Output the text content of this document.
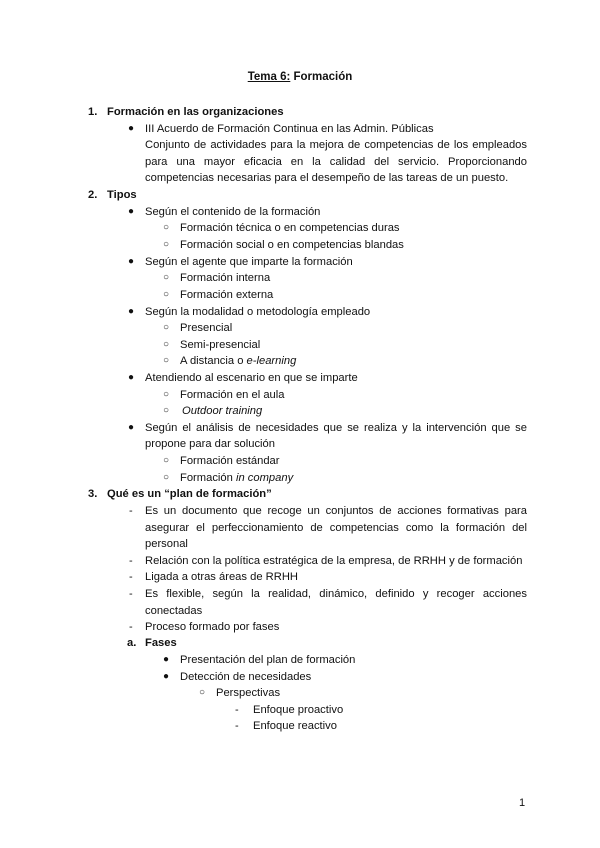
Tema 6: Formación
1. Formación en las organizaciones
● III Acuerdo de Formación Continua en las Admin. Públicas
Conjunto de actividades para la mejora de competencias de los empleados para una mayor eficacia en la calidad del servicio. Proporcionando competencias necesarias para el desempeño de las tareas de un puesto.
2. Tipos
● Según el contenido de la formación
○ Formación técnica o en competencias duras
○ Formación social o en competencias blandas
● Según el agente que imparte la formación
○ Formación interna
○ Formación externa
● Según la modalidad o metodología empleado
○ Presencial
○ Semi-presencial
○ A distancia o e-learning
● Atendiendo al escenario en que se imparte
○ Formación en el aula
○ Outdoor training
● Según el análisis de necesidades que se realiza y la intervención que se propone para dar solución
○ Formación estándar
○ Formación in company
3. Qué es un “plan de formación”
- Es un documento que recoge un conjuntos de acciones formativas para asegurar el perfeccionamiento de competencias como la formación del personal
- Relación con la política estratégica de la empresa, de RRHH y de formación
- Ligada a otras áreas de RRHH
- Es flexible, según la realidad, dinámico, definido y recoger acciones conectadas
- Proceso formado por fases
a. Fases
● Presentación del plan de formación
● Detección de necesidades
○ Perspectivas
- Enfoque proactivo
- Enfoque reactivo
1
